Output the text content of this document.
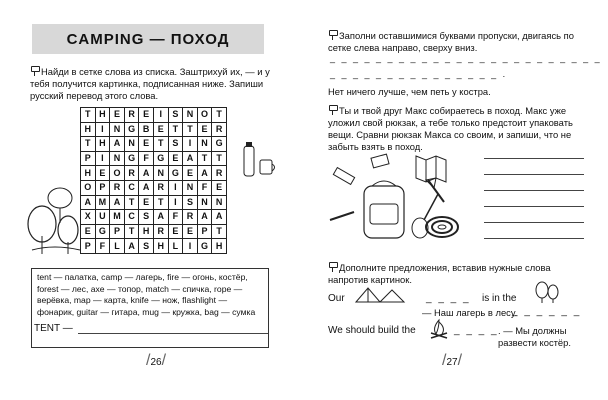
CAMPING — ПОХОД
Найди в сетке слова из списка. Заштрихуй их, — и у тебя получится картинка, подписанная ниже. Запиши русский перевод этого слова.
T	H	E	R	E	I	S	N	O	T
H	I	N	G	B	E	T	T	E	R
T	H	A	N	E	T	S	I	N	G
P	I	N	G	F	G	E	A	T	T
H	E	O	R	A	N	G	E	A	R
O	P	R	C	A	R	I	N	F	E
A	M	A	T	E	T	I	S	N	N
X	U	M	C	S	A	F	R	A	A
E	G	P	T	H	R	E	E	P	T
P	F	L	A	S	H	L	I	G	H
tent — палатка, camp — лагерь, fire — огонь, костёр, forest — лес, axe — топор, match — спичка, rope — верёвка, map — карта, knife — нож, flashlight — фонарик, guitar — гитара, mug — кружка, bag — сумка
TENT —
/26/
Заполни оставшимися буквами пропуски, двигаясь по сетке слева направо, сверху вниз.
_ _ _ _ _ _ _ _ _ _ _ _ _ _ _ _ _ _ _ _ _ _ _ _
_ _ _ _ _ _ _ _ _ _ _ _ _ _ _ .
Нет ничего лучше, чем петь у костра.
Ты и твой друг Макс собираетесь в поход. Макс уже уложил свой рюкзак, а тебе только предстоит упаковать вещи. Сравни рюкзак Макса со своим, и запиши, что не забыть взять в поход.
Дополните предложения, вставив нужные слова напротив картинок.
Our	_ _ _ _ is in the
_ _ _ _ _ _
— Наш лагерь в лесу.
We should build the	_ _ _ _ . — Мы должны развести костёр.
/27/
